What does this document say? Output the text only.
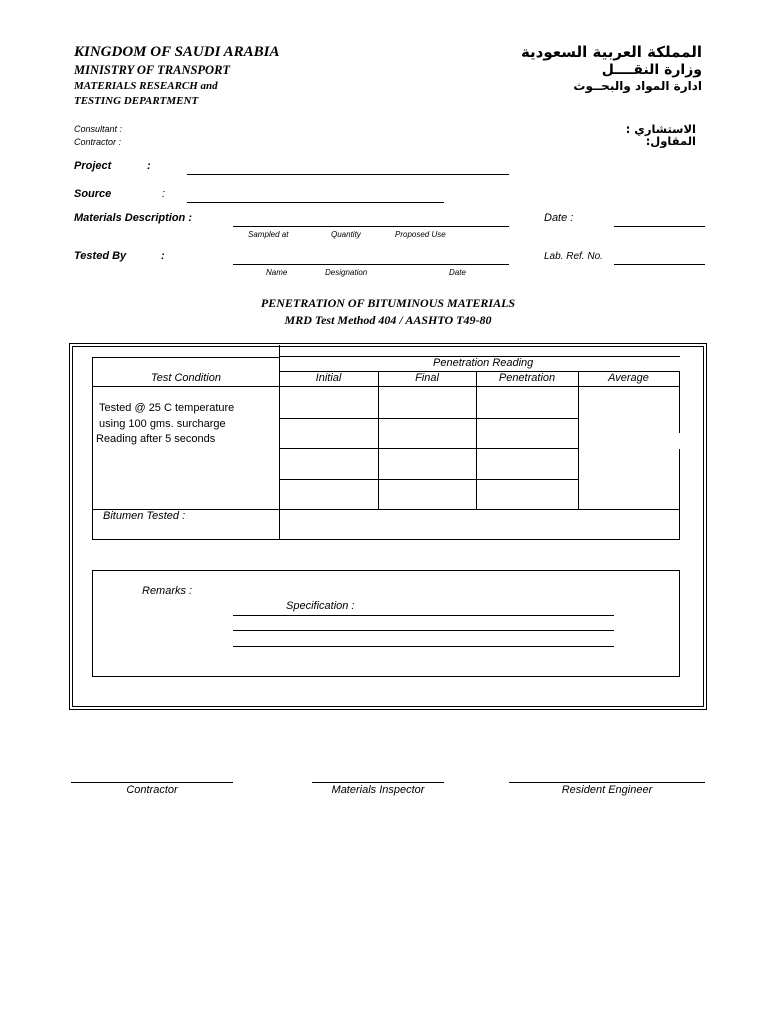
KINGDOM OF SAUDI ARABIA
MINISTRY OF TRANSPORT
MATERIALS RESEARCH and
TESTING DEPARTMENT
المملكة العربية السعودية
وزارة النقــــل
ادارة المواد والبحــوث
Consultant :
Contractor :
الاستشاري :
المقاول:
Project	:
Source	:
Materials Description :	Date :
Sampled at	Quantity	Proposed Use
Tested By	:	Lab. Ref. No.
Name	Designation	Date
PENETRATION OF BITUMINOUS MATERIALS
MRD Test Method 404 / AASHTO T49-80
Penetration Reading
Test Condition	Initial	Final	Penetration	Average
Tested @ 25 C temperature
using 100 gms. surcharge
Reading after 5 seconds
Bitumen Tested :
Remarks :
Specification :
Contractor	Materials Inspector	Resident Engineer
